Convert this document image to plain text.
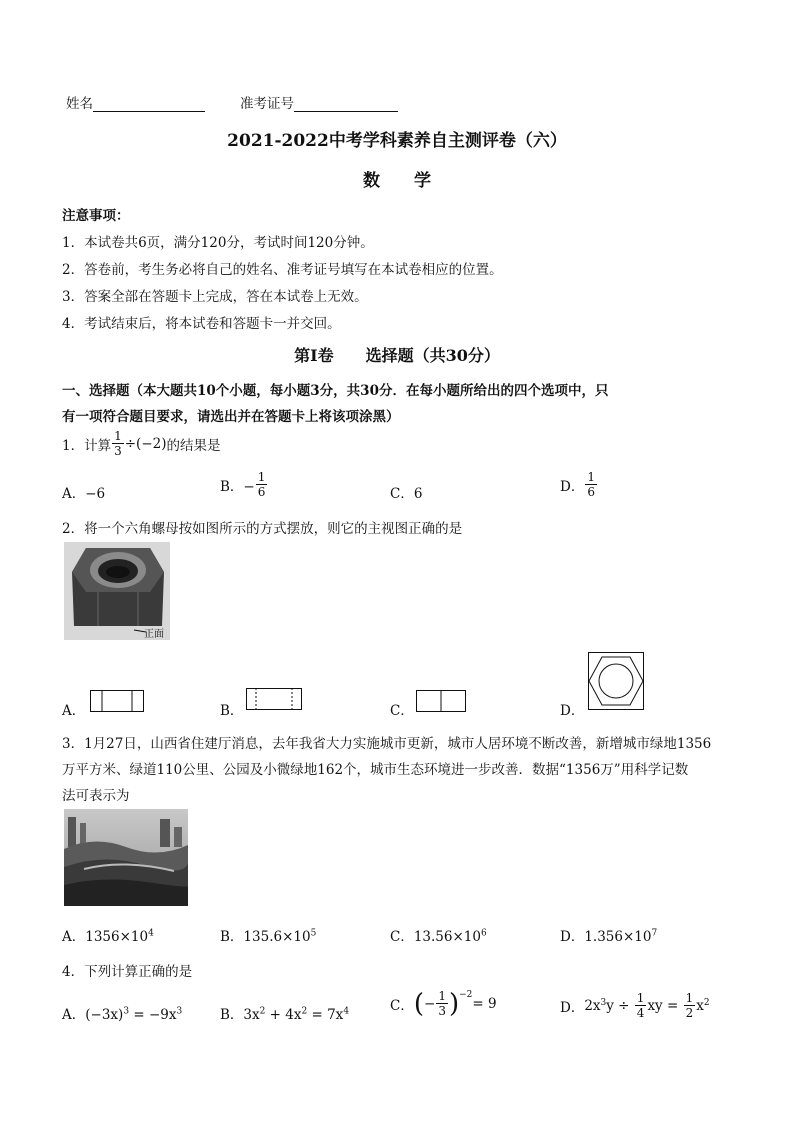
姓名	准考证号
2021-2022中考学科素养自主测评卷（六）
数　　学
注意事项：
1．本试卷共6页，满分120分，考试时间120分钟。
2．答卷前，考生务必将自己的姓名、准考证号填写在本试卷相应的位置。
3．答案全部在答题卡上完成，答在本试卷上无效。
4．考试结束后，将本试卷和答题卡一并交回。
第Ⅰ卷　　选择题（共30分）
一、选择题（本大题共10个小题，每小题3分，共30分．在每小题所给出的四个选项中，只
有一项符合题目要求，请选出并在答题卡上将该项涂黑）
1．计算 $\frac{1}{3} \div(-2)$ 的结果是
A．−6	B．− $\frac{1}{6}$	C．6	D． $\frac{1}{6}$
2．将一个六角螺母按如图所示的方式摆放，则它的主视图正确的是
正面
A．	B．	C．	D．
3．1月27日，山西省住建厅消息，去年我省大力实施城市更新，城市人居环境不断改善，新增城市绿地1356
万平方米、绿道110公里、公园及小微绿地162个，城市生态环境进一步改善．数据“1356万”用科学记数
法可表示为
A．$1356\times 10^4$	B．$135.6\times 10^5$	C．$13.56\times 10^6$	D．$1.356\times 10^7$
4．下列计算正确的是
A．$(-3x)^3 = -9x^3$	B．$3x^2 + 4x^2 = 7x^4$	C． ( − $\frac{1}{3} )^{-2}$
= 9	D． 2x 3 $y \div \frac{1}{4}$ xy = $\frac{1}{2}$ x 2
